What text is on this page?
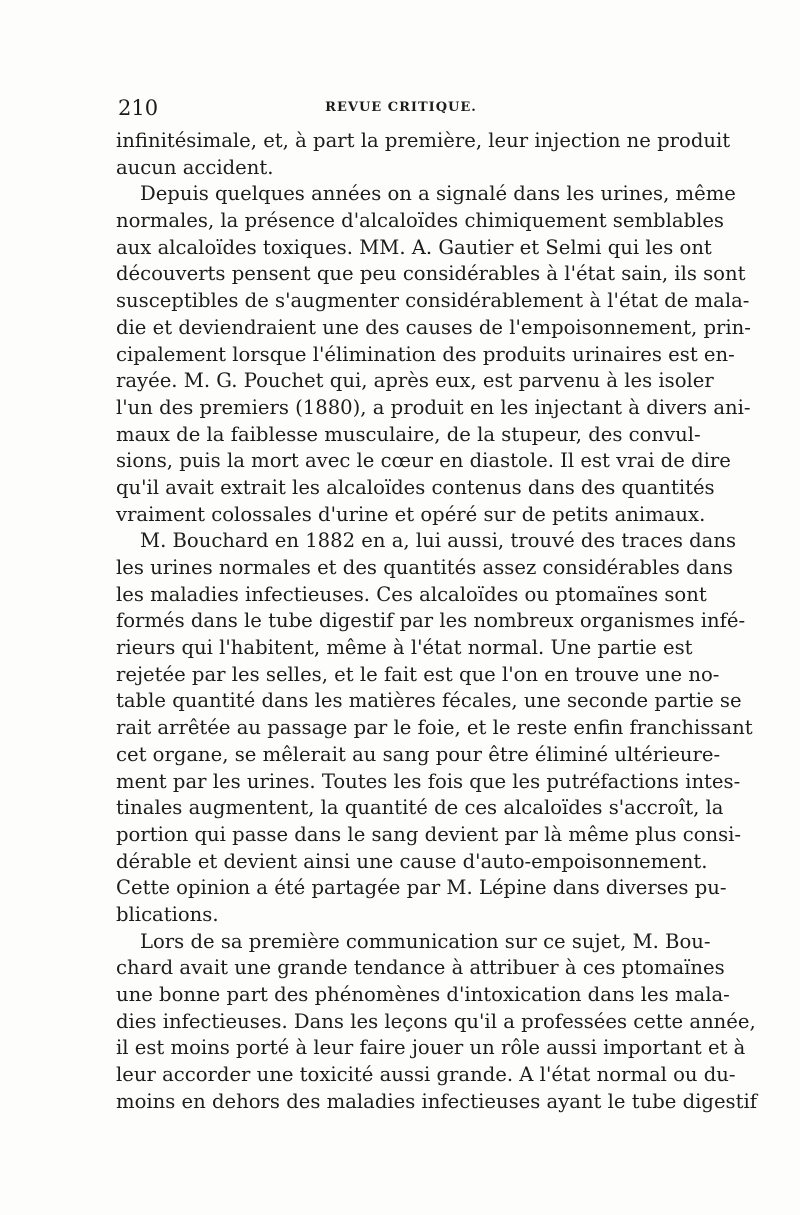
210	REVUE CRITIQUE.
infinitésimale, et, à part la première, leur injection ne produit
aucun accident.
Depuis quelques années on a signalé dans les urines, même
normales, la présence d'alcaloïdes chimiquement semblables
aux alcaloïdes toxiques. MM. A. Gautier et Selmi qui les ont
découverts pensent que peu considérables à l'état sain, ils sont
susceptibles de s'augmenter considérablement à l'état de mala-
die et deviendraient une des causes de l'empoisonnement, prin-
cipalement lorsque l'élimination des produits urinaires est en-
rayée. M. G. Pouchet qui, après eux, est parvenu à les isoler
l'un des premiers (1880), a produit en les injectant à divers ani-
maux de la faiblesse musculaire, de la stupeur, des convul-
sions, puis la mort avec le cœur en diastole. Il est vrai de dire
qu'il avait extrait les alcaloïdes contenus dans des quantités
vraiment colossales d'urine et opéré sur de petits animaux.
M. Bouchard en 1882 en a, lui aussi, trouvé des traces dans
les urines normales et des quantités assez considérables dans
les maladies infectieuses. Ces alcaloïdes ou ptomaïnes sont
formés dans le tube digestif par les nombreux organismes infé-
rieurs qui l'habitent, même à l'état normal. Une partie est
rejetée par les selles, et le fait est que l'on en trouve une no-
table quantité dans les matières fécales, une seconde partie se
rait arrêtée au passage par le foie, et le reste enfin franchissant
cet organe, se mêlerait au sang pour être éliminé ultérieure-
ment par les urines. Toutes les fois que les putréfactions intes-
tinales augmentent, la quantité de ces alcaloïdes s'accroît, la
portion qui passe dans le sang devient par là même plus consi-
dérable et devient ainsi une cause d'auto-empoisonnement.
Cette opinion a été partagée par M. Lépine dans diverses pu-
blications.
Lors de sa première communication sur ce sujet, M. Bou-
chard avait une grande tendance à attribuer à ces ptomaïnes
une bonne part des phénomènes d'intoxication dans les mala-
dies infectieuses. Dans les leçons qu'il a professées cette année,
il est moins porté à leur faire jouer un rôle aussi important et à
leur accorder une toxicité aussi grande. A l'état normal ou du-
moins en dehors des maladies infectieuses ayant le tube digestif
